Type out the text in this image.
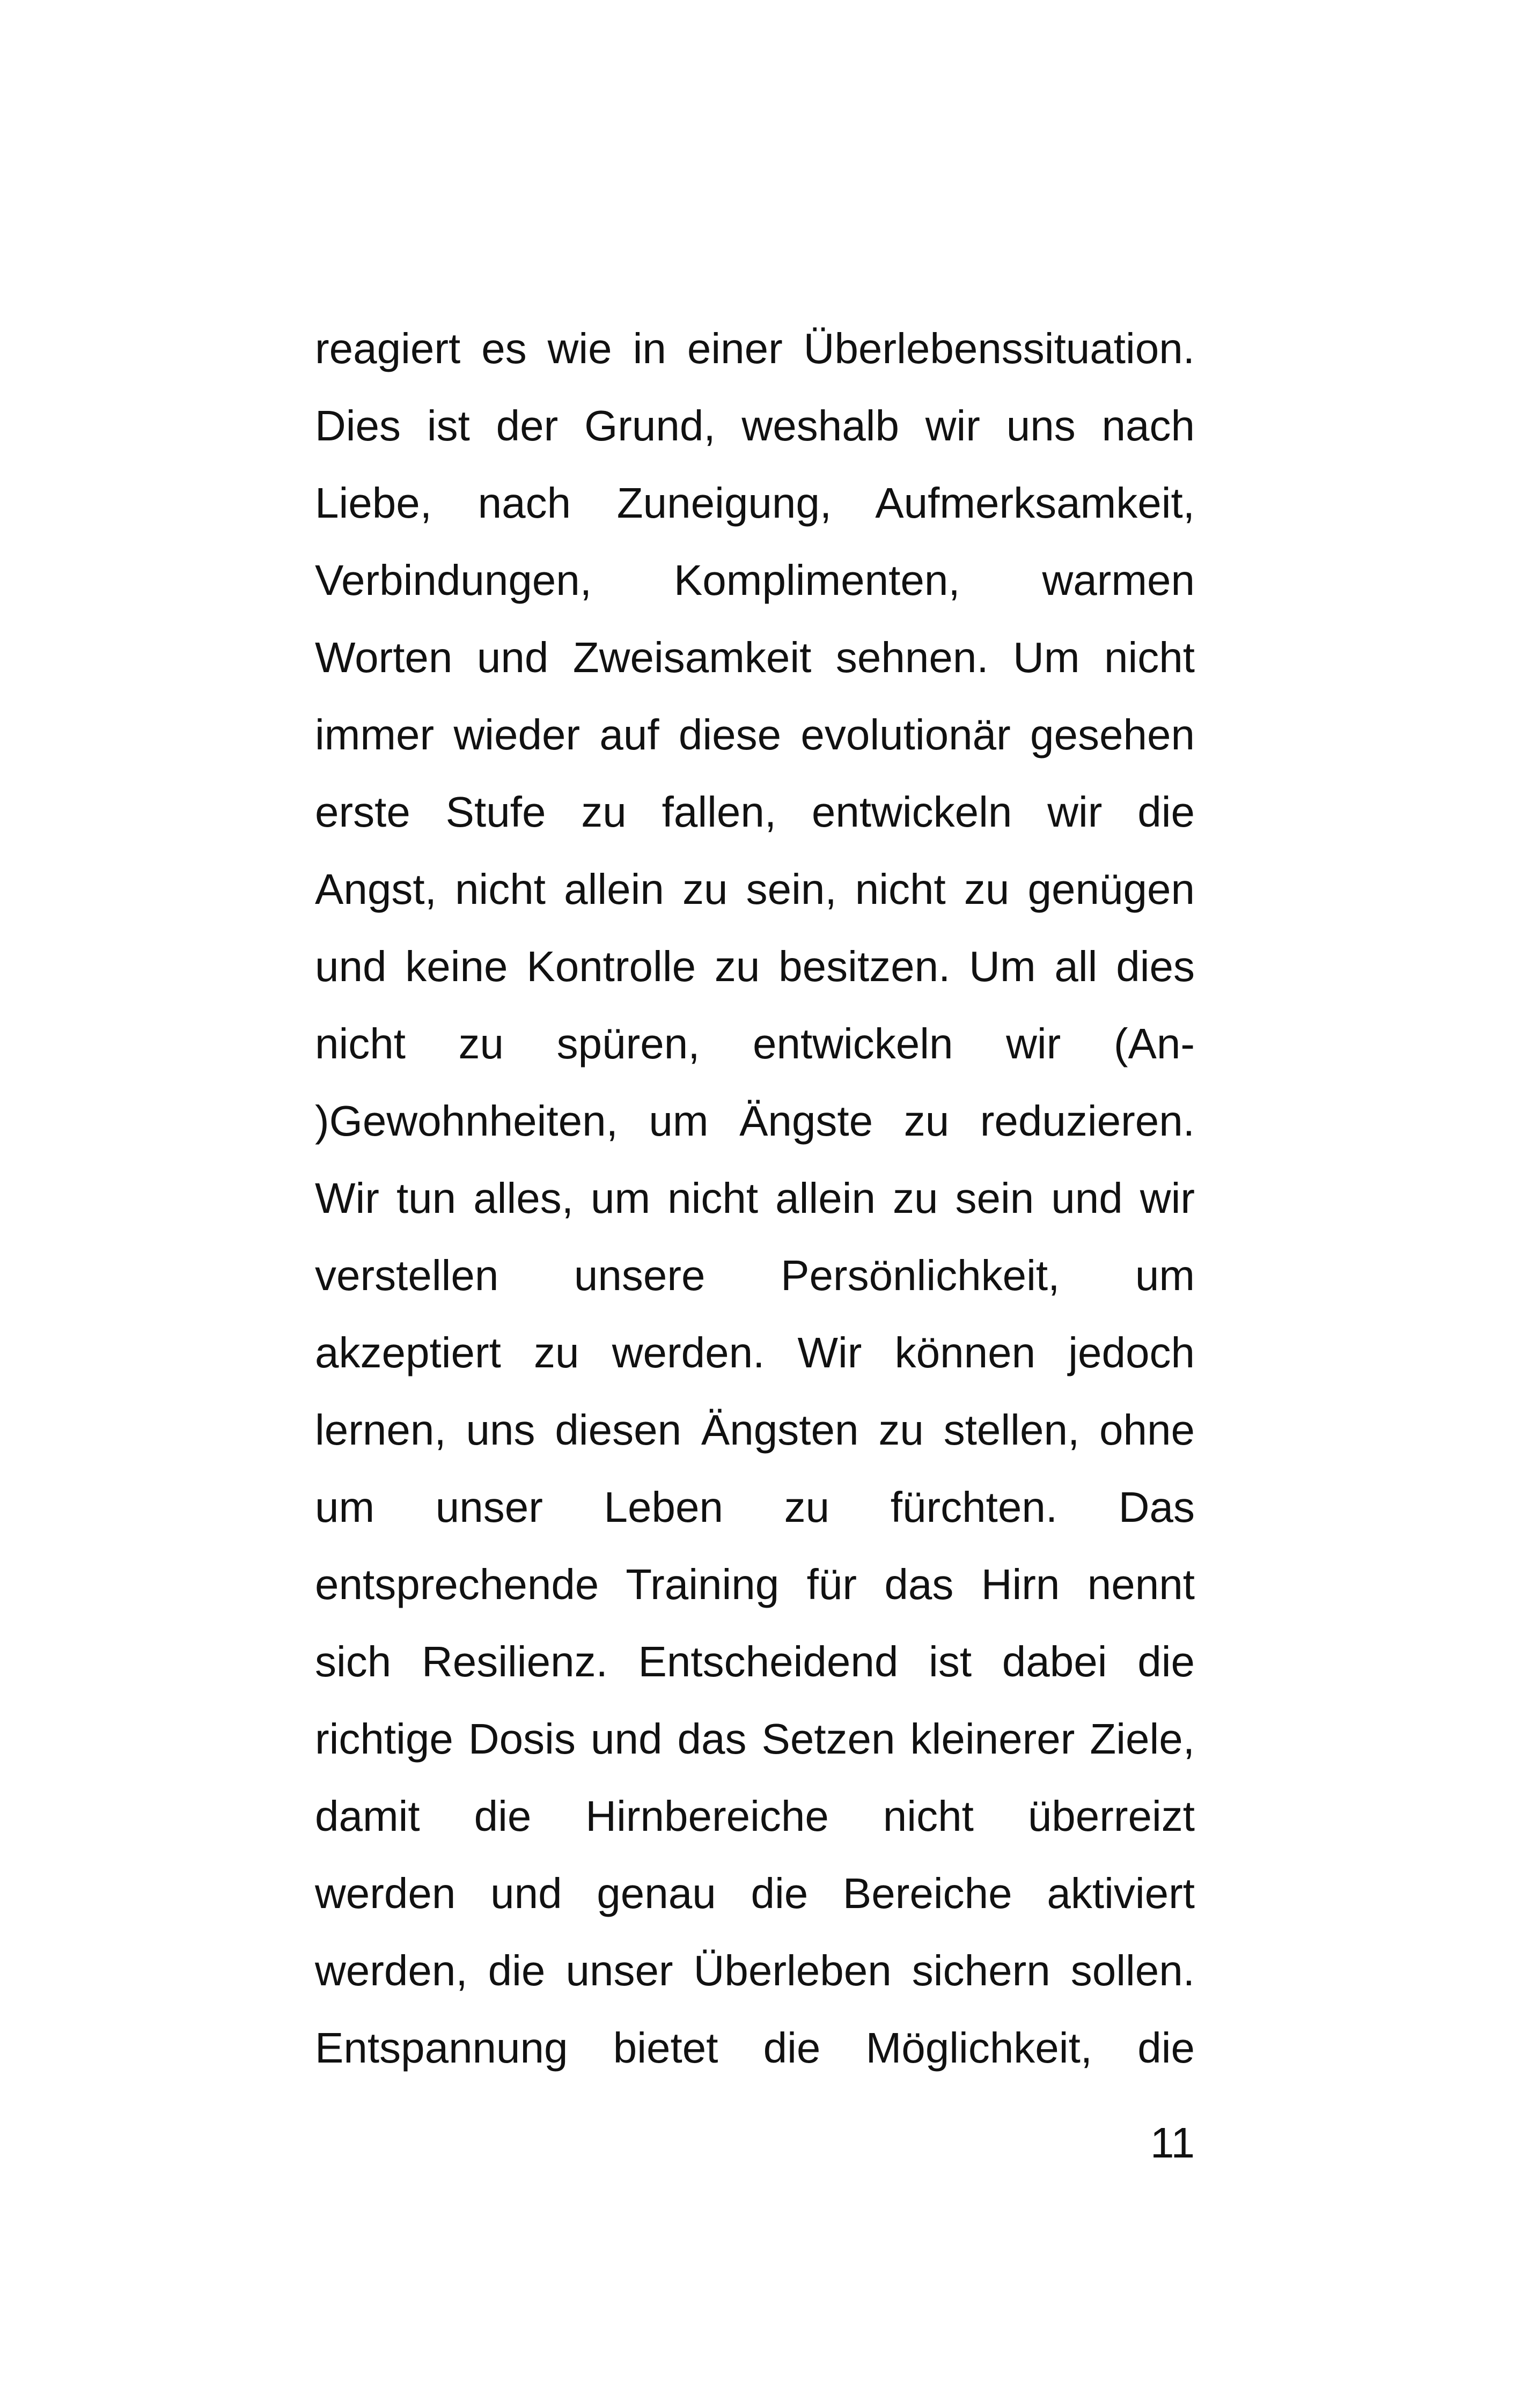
reagiert es wie in einer Überlebenssituation.
Dies ist der Grund, weshalb wir uns nach
Liebe, nach Zuneigung, Aufmerksamkeit,
Verbindungen, Komplimenten, warmen
Worten und Zweisamkeit sehnen. Um nicht
immer wieder auf diese evolutionär gesehen
erste Stufe zu fallen, entwickeln wir die
Angst, nicht allein zu sein, nicht zu genügen
und keine Kontrolle zu besitzen. Um all dies
nicht zu spüren, entwickeln wir (An-
)Gewohnheiten, um Ängste zu reduzieren.
Wir tun alles, um nicht allein zu sein und wir
verstellen unsere Persönlichkeit, um
akzeptiert zu werden. Wir können jedoch
lernen, uns diesen Ängsten zu stellen, ohne
um unser Leben zu fürchten. Das
entsprechende Training für das Hirn nennt
sich Resilienz. Entscheidend ist dabei die
richtige Dosis und das Setzen kleinerer Ziele,
damit die Hirnbereiche nicht überreizt
werden und genau die Bereiche aktiviert
werden, die unser Überleben sichern sollen.
Entspannung bietet die Möglichkeit, die
11
